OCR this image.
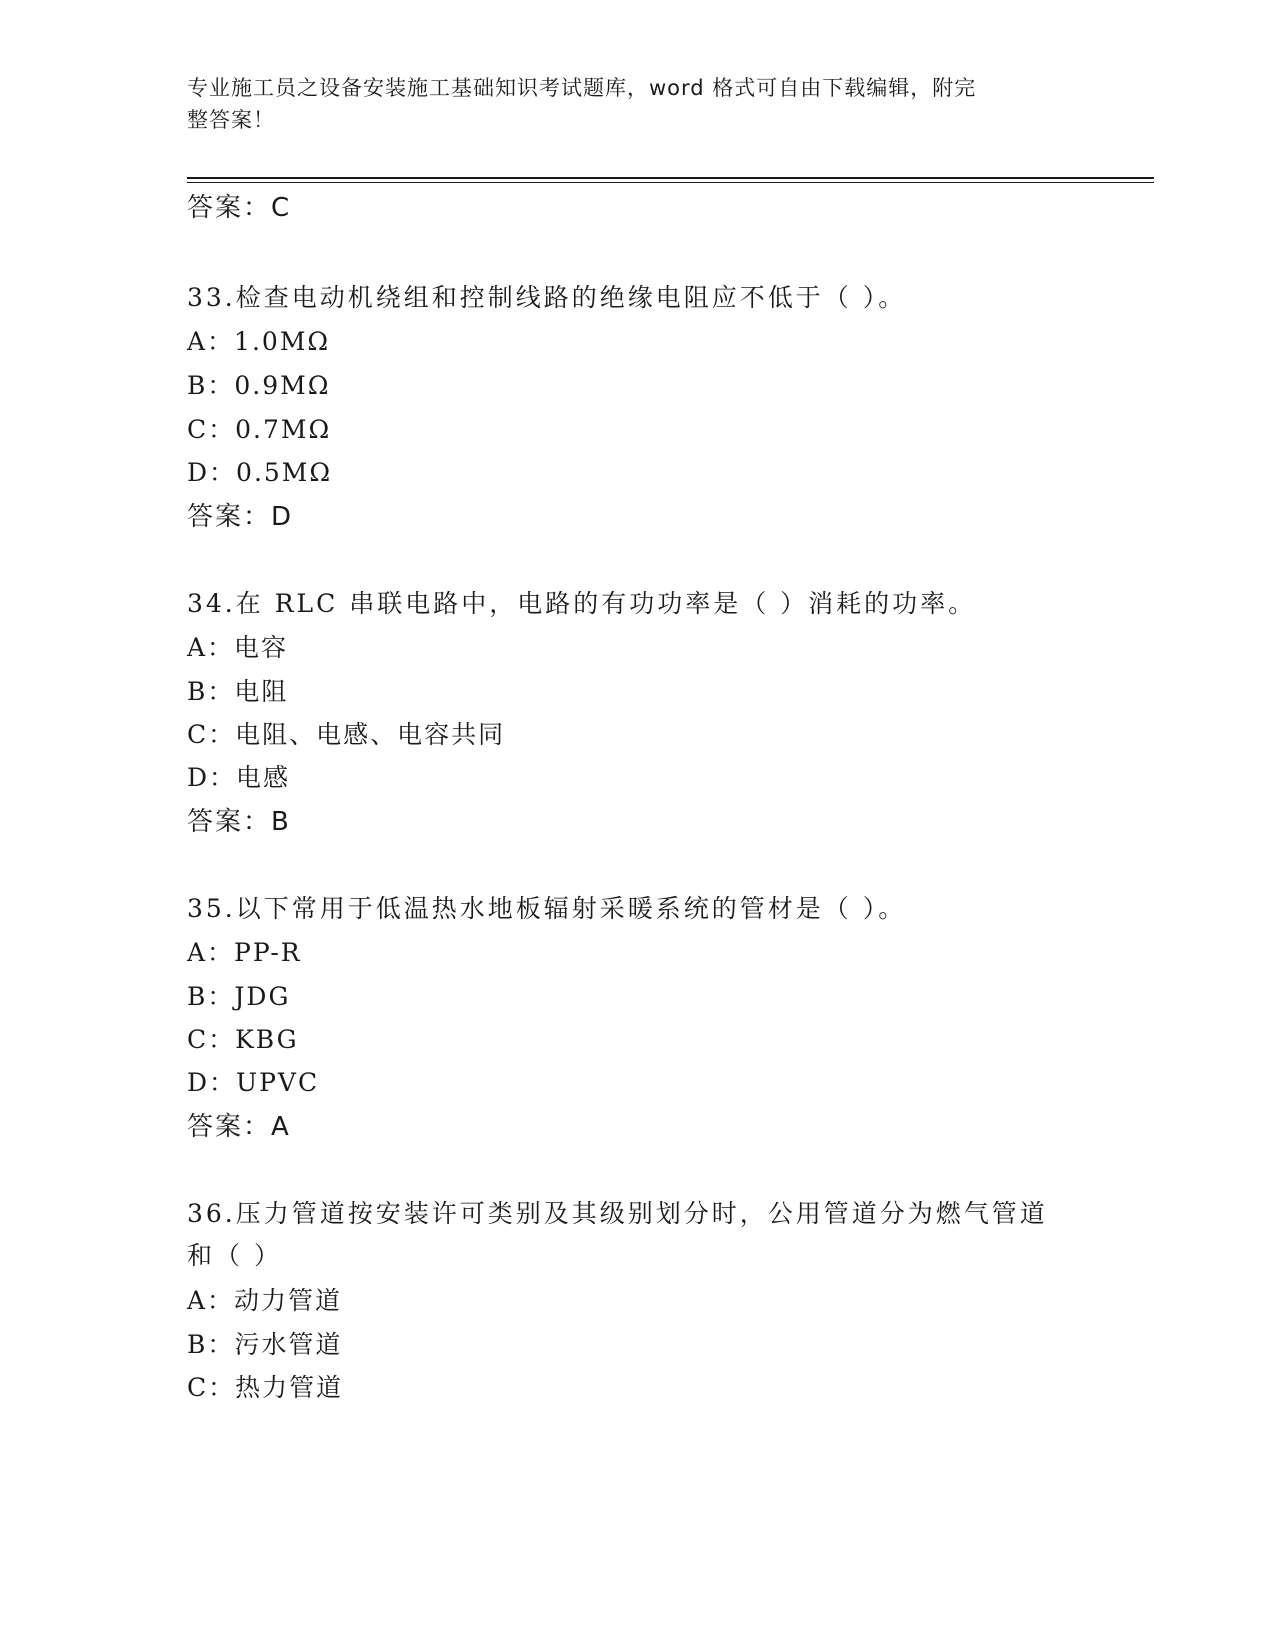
专业施工员之设备安装施工基础知识考试题库，word 格式可自由下载编辑，附完
整答案！
答案：C
33.检查电动机绕组和控制线路的绝缘电阻应不低于（ ）。
A：1.0MΩ
B：0.9MΩ
C：0.7MΩ
D：0.5MΩ
答案：D
34.在 RLC 串联电路中，电路的有功功率是（ ）消耗的功率。
A：电容
B：电阻
C：电阻、电感、电容共同
D：电感
答案：B
35.以下常用于低温热水地板辐射采暖系统的管材是（ ）。
A：PP-R
B：JDG
C：KBG
D：UPVC
答案：A
36.压力管道按安装许可类别及其级别划分时，公用管道分为燃气管道
和（ ）
A：动力管道
B：污水管道
C：热力管道
